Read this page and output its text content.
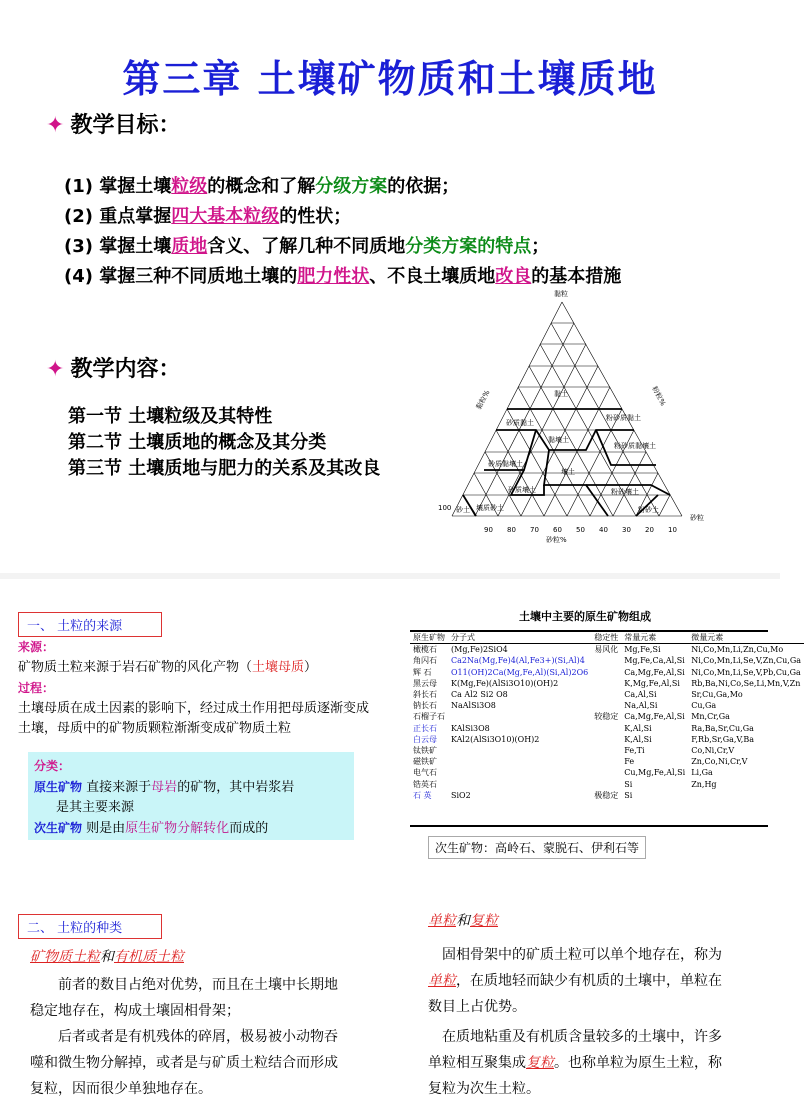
第三章 土壤矿物质和土壤质地
✦ 教学目标：
(1) 掌握土壤粒级的概念和了解分级方案的依据；
(2) 重点掌握四大基本粒级的性状；
(3) 掌握土壤质地含义、了解几种不同质地分类方案的特点；
(4) 掌握三种不同质地土壤的肥力性状、不良土壤质地改良的基本措施
✦ 教学内容：
第一节 土壤粒级及其特性
第二节 土壤质地的概念及其分类
第三节 土壤质地与肥力的关系及其改良
黏粒
100
90 80 70 60 50 40 30 20 10
砂粒
砂粒%
黏粒%	粉粒%
黏土
粉砂质黏土
砂质黏土
黏壤土
粉砂质黏壤土
砂质黏壤土
壤土
粉砂壤土
砂质壤土
壤质砂土
砂土	粉砂土
一、 土粒的来源
来源：
矿物质土粒来源于岩石矿物的风化产物（土壤母质）
过程：
土壤母质在成土因素的影响下，经过成土作用把母质逐渐变成土壤，母质中的矿物质颗粒渐渐变成矿物质土粒
分类：
原生矿物 直接来源于母岩的矿物，其中岩浆岩
是其主要来源
次生矿物 则是由原生矿物分解转化而成的
土壤中主要的原生矿物组成
原生矿物	分子式	稳定性	常量元素	微量元素
橄榄石	(Mg,Fe)2SiO4	易风化	Mg,Fe,Si	Ni,Co,Mn,Li,Zn,Cu,Mo
角闪石	Ca2Na(Mg,Fe)4(Al,Fe3+)(Si,Al)4		Mg,Fe,Ca,Al,Si	Ni,Co,Mn,Li,Se,V,Zn,Cu,Ga
辉 石	O11(OH)2Ca(Mg,Fe,Al)(Si,Al)2O6		Ca,Mg,Fe,Al,Si	Ni,Co,Mn,Li,Se,V,Pb,Cu,Ga
黑云母	K(Mg,Fe)(AlSi3O10)(OH)2		K,Mg,Fe,Al,Si	Rb,Ba,Ni,Co,Se,Li,Mn,V,Zn
斜长石	Ca Al2 Si2 O8		Ca,Al,Si	Sr,Cu,Ga,Mo
钠长石	NaAlSi3O8		Na,Al,Si	Cu,Ga
石榴子石		较稳定	Ca,Mg,Fe,Al,Si	Mn,Cr,Ga
正长石	KAlSi3O8		K,Al,Si	Ra,Ba,Sr,Cu,Ga
白云母	KAl2(AlSi3O10)(OH)2		K,Al,Si	F,Rb,Sr,Ga,V,Ba
钛铁矿			Fe,Ti	Co,Ni,Cr,V
磁铁矿			Fe	Zn,Co,Ni,Cr,V
电气石			Cu,Mg,Fe,Al,Si	Li,Ga
锆英石			Si	Zn,Hg
石 英	SiO2	极稳定	Si	
次生矿物：高岭石、蒙脱石、伊利石等
二、 土粒的种类
矿物质土粒和有机质土粒
前者的数目占绝对优势，而且在土壤中长期地稳定地存在，构成土壤固相骨架；
后者或者是有机残体的碎屑，极易被小动物吞噬和微生物分解掉，或者是与矿质土粒结合而形成复粒，因而很少单独地存在。
单粒和复粒
固相骨架中的矿质土粒可以单个地存在，称为单粒，在质地轻而缺少有机质的土壤中，单粒在数目上占优势。
在质地粘重及有机质含量较多的土壤中，许多单粒相互聚集成复粒。也称单粒为原生土粒，称复粒为次生土粒。
